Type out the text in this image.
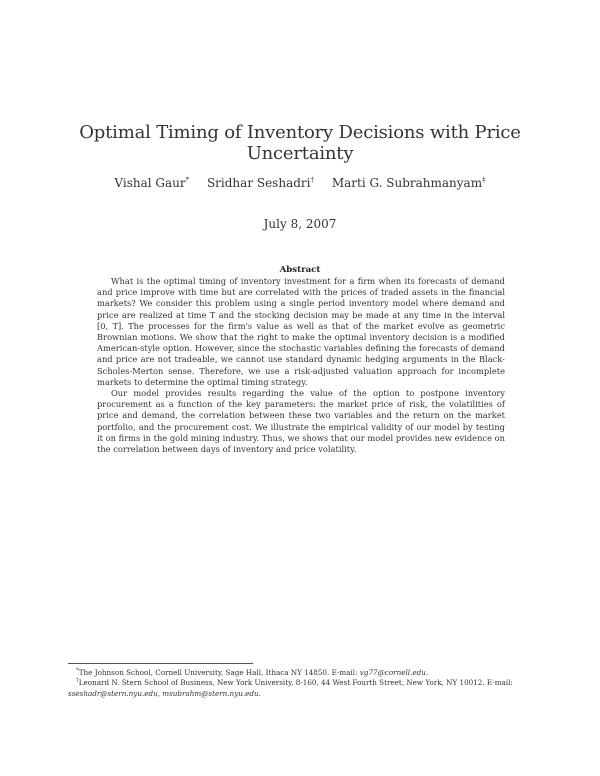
Optimal Timing of Inventory Decisions with Price Uncertainty
Vishal Gaur* Sridhar Seshadri† Marti G. Subrahmanyam‡
July 8, 2007
Abstract

What is the optimal timing of inventory investment for a firm when its forecasts of demand and price improve with time but are correlated with the prices of traded assets in the financial markets? We consider this problem using a single period inventory model where demand and price are realized at time T and the stocking decision may be made at any time in the interval [0, T]. The processes for the firm's value as well as that of the market evolve as geometric Brownian motions. We show that the right to make the optimal inventory decision is a modified American-style option. However, since the stochastic variables defining the forecasts of demand and price are not tradeable, we cannot use standard dynamic hedging arguments in the Black-Scholes-Merton sense. Therefore, we use a risk-adjusted valuation approach for incomplete markets to determine the optimal timing strategy.

Our model provides results regarding the value of the option to postpone inventory procurement as a function of the key parameters: the market price of risk, the volatilities of price and demand, the correlation between these two variables and the return on the market portfolio, and the procurement cost. We illustrate the empirical validity of our model by testing it on firms in the gold mining industry. Thus, we shows that our model provides new evidence on the correlation between days of inventory and price volatility.

*The Johnson School, Cornell University, Sage Hall, Ithaca NY 14850. E-mail: vg77@cornell.edu.

†Leonard N. Stern School of Business, New York University, 8-160, 44 West Fourth Street, New York, NY 10012. E-mail: sseshadr@stern.nyu.edu, msubrahm@stern.nyu.edu.
